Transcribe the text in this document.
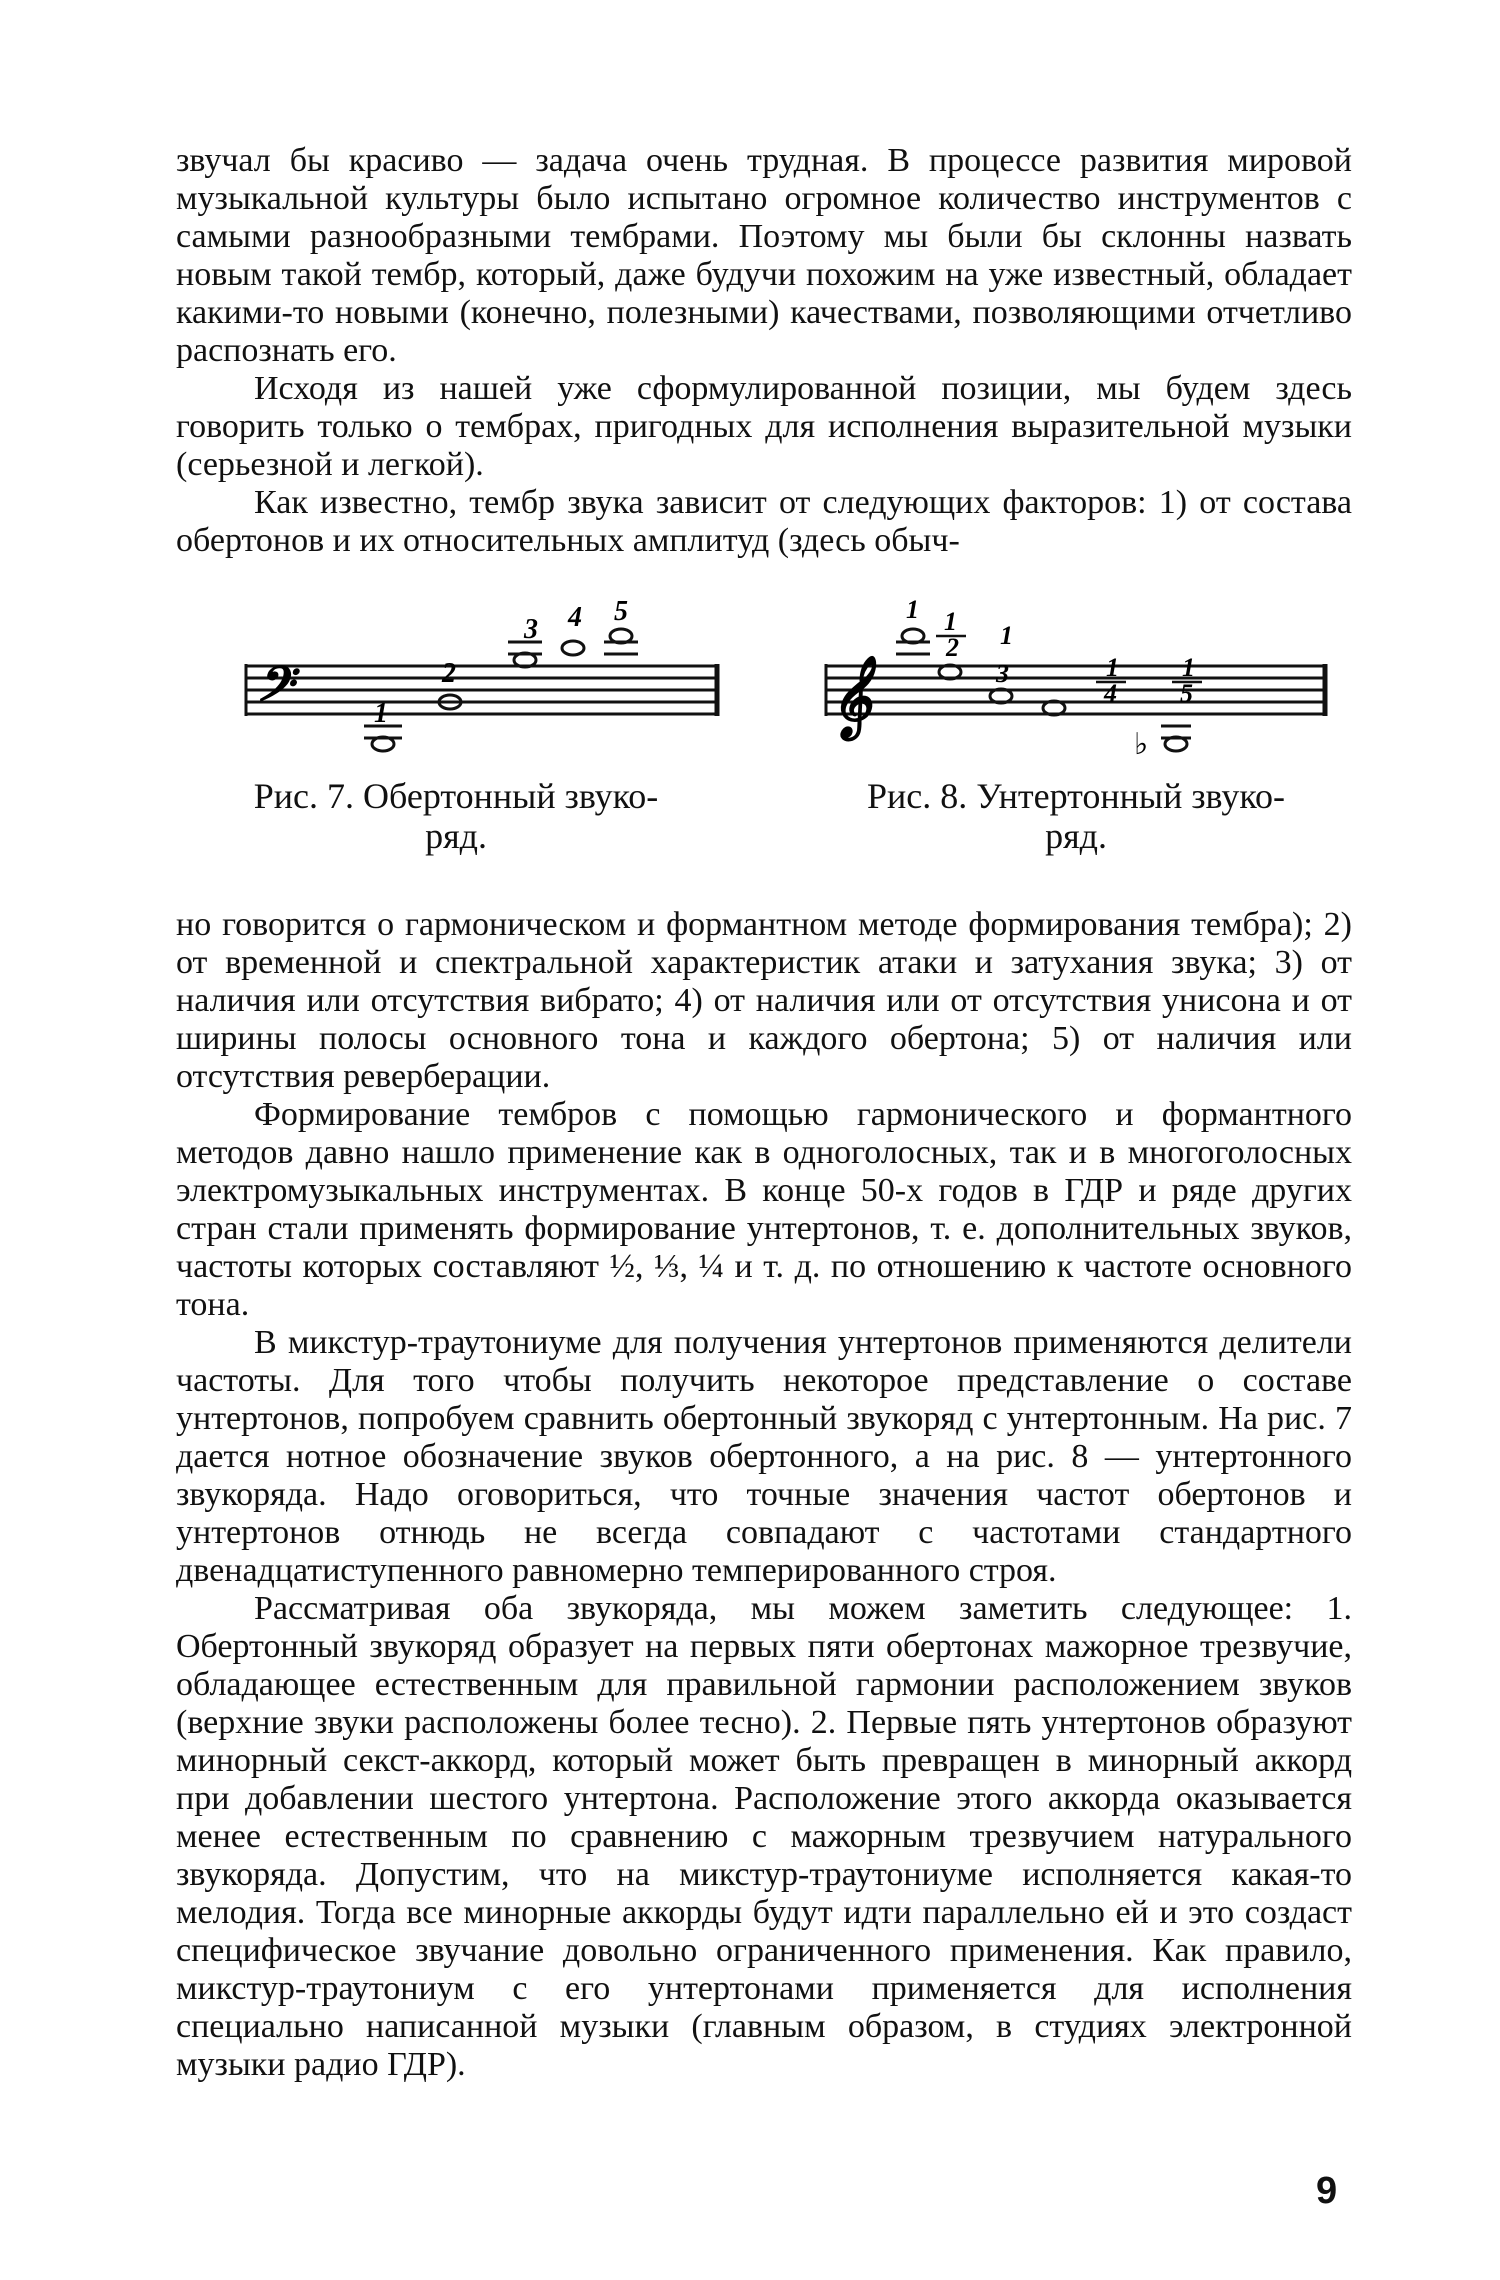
звучал бы красиво — задача очень трудная. В процессе развития мировой музыкальной культуры было испытано огромное количество инструментов с самыми разнообразными тембрами. Поэтому мы были бы склонны назвать новым такой тембр, который, даже будучи похожим на уже известный, обладает какими-то новыми (конечно, полезными) качествами, позволяющими отчетливо распознать его.

Исходя из нашей уже сформулированной позиции, мы будем здесь говорить только о тембрах, пригодных для исполнения выразительной музыки (серьезной и легкой).

Как известно, тембр звука зависит от следующих факторов: 1) от состава обертонов и их относительных амплитуд (здесь обыч-

𝄢	1
2
3 4 5
Рис. 7. Обертонный звуко-
ряд.
𝄞
♭
1 1
2 1
3	1
4
1
5
Рис. 8. Унтертонный звуко-
ряд.

но говорится о гармоническом и формантном методе формирования тембра); 2) от временной и спектральной характеристик атаки и затухания звука; 3) от наличия или отсутствия вибрато; 4) от наличия или от отсутствия унисона и от ширины полосы основного тона и каждого обертона; 5) от наличия или отсутствия реверберации.

Формирование тембров с помощью гармонического и формантного методов давно нашло применение как в одноголосных, так и в многоголосных электромузыкальных инструментах. В конце 50-х годов в ГДР и ряде других стран стали применять формирование унтертонов, т. е. дополнительных звуков, частоты которых составляют ½, ⅓, ¼ и т. д. по отношению к частоте основного тона.

В микстур-траутониуме для получения унтертонов применяются делители частоты. Для того чтобы получить некоторое представление о составе унтертонов, попробуем сравнить обертонный звукоряд с унтертонным. На рис. 7 дается нотное обозначение звуков обертонного, а на рис. 8 — унтертонного звукоряда. Надо оговориться, что точные значения частот обертонов и унтертонов отнюдь не всегда совпадают с частотами стандартного двенадцатиступенного равномерно темперированного строя.

Рассматривая оба звукоряда, мы можем заметить следующее: 1. Обертонный звукоряд образует на первых пяти обертонах мажорное трезвучие, обладающее естественным для правильной гармонии расположением звуков (верхние звуки расположены более тесно). 2. Первые пять унтертонов образуют минорный секст-аккорд, который может быть превращен в минорный аккорд при добавлении шестого унтертона. Расположение этого аккорда оказывается менее естественным по сравнению с мажорным трезвучием натурального звукоряда. Допустим, что на микстур-траутониуме исполняется какая-то мелодия. Тогда все минорные аккорды будут идти параллельно ей и это создаст специфическое звучание довольно ограниченного применения. Как правило, микстур-траутониум с его унтертонами применяется для исполнения специально написанной музыки (главным образом, в студиях электронной музыки радио ГДР).

9
